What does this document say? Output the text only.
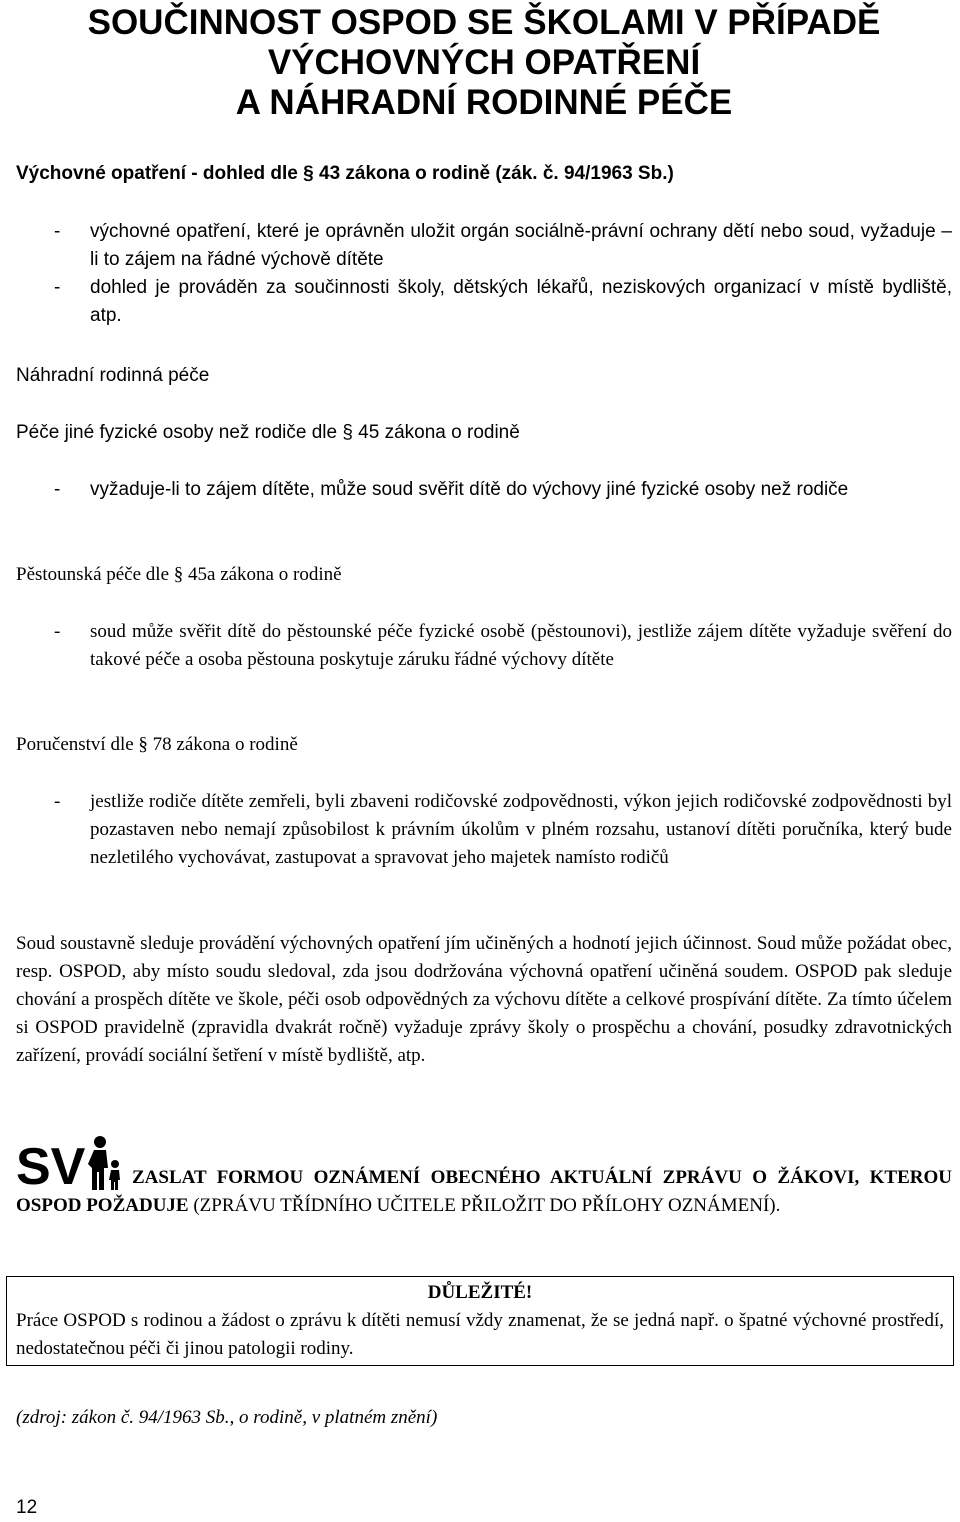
SOUČINNOST OSPOD SE ŠKOLAMI V PŘÍPADĚ
VÝCHOVNÝCH OPATŘENÍ
A NÁHRADNÍ RODINNÉ PÉČE
Výchovné opatření - dohled dle § 43 zákona o rodině (zák. č. 94/1963 Sb.)
- výchovné opatření, které je oprávněn uložit orgán sociálně-právní ochrany dětí nebo soud, vyžaduje –li to zájem na řádné výchově dítěte
- dohled je prováděn za součinnosti školy, dětských lékařů, neziskových organizací v místě bydliště, atp.
Náhradní rodinná péče
Péče jiné fyzické osoby než rodiče dle § 45 zákona o rodině
- vyžaduje-li to zájem dítěte, může soud svěřit dítě do výchovy jiné fyzické osoby než rodiče
Pěstounská péče dle § 45a zákona o rodině
- soud může svěřit dítě do pěstounské péče fyzické osobě (pěstounovi), jestliže zájem dítěte vyžaduje svěření do takové péče a osoba pěstouna poskytuje záruku řádné výchovy dítěte
Poručenství dle § 78 zákona o rodině
- jestliže rodiče dítěte zemřeli, byli zbaveni rodičovské zodpovědnosti, výkon jejich rodičovské zodpovědnosti byl pozastaven nebo nemají způsobilost k právním úkolům v plném rozsahu, ustanoví dítěti poručníka, který bude nezletilého vychovávat, zastupovat a spravovat jeho majetek namísto rodičů
Soud soustavně sleduje provádění výchovných opatření jím učiněných a hodnotí jejich účinnost. Soud může požádat obec, resp. OSPOD, aby místo soudu sledoval, zda jsou dodržována výchovná opatření učiněná soudem. OSPOD pak sleduje chování a prospěch dítěte ve škole, péči osob odpovědných za výchovu dítěte a celkové prospívání dítěte. Za tímto účelem si OSPOD pravidelně (zpravidla dvakrát ročně) vyžaduje zprávy školy o prospěchu a chování, posudky zdravotnických zařízení, provádí sociální šetření v místě bydliště, atp.
SV	ZASLAT FORMOU OZNÁMENÍ OBECNÉHO AKTUÁLNÍ ZPRÁVU O ŽÁKOVI, KTEROU OSPOD POŽADUJE (ZPRÁVU TŘÍDNÍHO UČITELE PŘILOŽIT DO PŘÍLOHY OZNÁMENÍ).
DŮLEŽITÉ!
Práce OSPOD s rodinou a žádost o zprávu k dítěti nemusí vždy znamenat, že se jedná např. o špatné výchovné prostředí, nedostatečnou péči či jinou patologii rodiny.
(zdroj: zákon č. 94/1963 Sb., o rodině, v platném znění)
12
